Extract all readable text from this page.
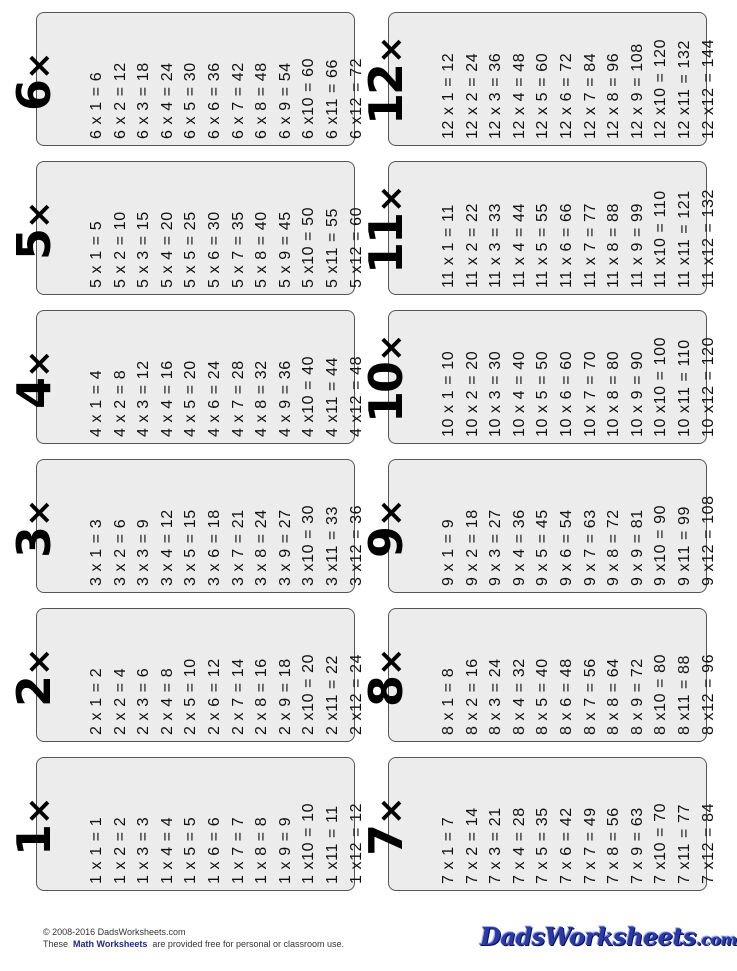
6×
6 x 1 = 6 6 x 2 = 12 6 x 3 = 18 6 x 4 = 24 6 x 5 = 30 6 x 6 = 36 6 x 7 = 42 6 x 8 = 48 6 x 9 = 54 6 x10 = 60 6 x11 = 66 6 x12 = 72
5×
5 x 1 = 5 5 x 2 = 10 5 x 3 = 15 5 x 4 = 20 5 x 5 = 25 5 x 6 = 30 5 x 7 = 35 5 x 8 = 40 5 x 9 = 45 5 x10 = 50 5 x11 = 55 5 x12 = 60
4×
4 x 1 = 4 4 x 2 = 8 4 x 3 = 12 4 x 4 = 16 4 x 5 = 20 4 x 6 = 24 4 x 7 = 28 4 x 8 = 32 4 x 9 = 36 4 x10 = 40 4 x11 = 44 4 x12 = 48
3×
3 x 1 = 3 3 x 2 = 6 3 x 3 = 9 3 x 4 = 12 3 x 5 = 15 3 x 6 = 18 3 x 7 = 21 3 x 8 = 24 3 x 9 = 27 3 x10 = 30 3 x11 = 33 3 x12 = 36
2×
2 x 1 = 2 2 x 2 = 4 2 x 3 = 6 2 x 4 = 8 2 x 5 = 10 2 x 6 = 12 2 x 7 = 14 2 x 8 = 16 2 x 9 = 18 2 x10 = 20 2 x11 = 22 2 x12 = 24
1×
1 x 1 = 1 1 x 2 = 2 1 x 3 = 3 1 x 4 = 4 1 x 5 = 5 1 x 6 = 6 1 x 7 = 7 1 x 8 = 8 1 x 9 = 9 1 x10 = 10 1 x11 = 11 1 x12 = 12
12×
12 x 1 = 12 12 x 2 = 24 12 x 3 = 36 12 x 4 = 48 12 x 5 = 60 12 x 6 = 72 12 x 7 = 84 12 x 8 = 96 12 x 9 = 108 12 x10 = 120 12 x11 = 132 12 x12 = 144
11×
11 x 1 = 11 11 x 2 = 22 11 x 3 = 33 11 x 4 = 44 11 x 5 = 55 11 x 6 = 66 11 x 7 = 77 11 x 8 = 88 11 x 9 = 99 11 x10 = 110 11 x11 = 121 11 x12 = 132
10×
10 x 1 = 10 10 x 2 = 20 10 x 3 = 30 10 x 4 = 40 10 x 5 = 50 10 x 6 = 60 10 x 7 = 70 10 x 8 = 80 10 x 9 = 90 10 x10 = 100 10 x11 = 110 10 x12 = 120
9×
9 x 1 = 9 9 x 2 = 18 9 x 3 = 27 9 x 4 = 36 9 x 5 = 45 9 x 6 = 54 9 x 7 = 63 9 x 8 = 72 9 x 9 = 81 9 x10 = 90 9 x11 = 99 9 x12 = 108
8×
8 x 1 = 8 8 x 2 = 16 8 x 3 = 24 8 x 4 = 32 8 x 5 = 40 8 x 6 = 48 8 x 7 = 56 8 x 8 = 64 8 x 9 = 72 8 x10 = 80 8 x11 = 88 8 x12 = 96
7×
7 x 1 = 7 7 x 2 = 14 7 x 3 = 21 7 x 4 = 28 7 x 5 = 35 7 x 6 = 42 7 x 7 = 49 7 x 8 = 56 7 x 9 = 63 7 x10 = 70 7 x11 = 77 7 x12 = 84
© 2008-2016 DadsWorksheets.com
These Math Worksheets are provided free for personal or classroom use.	DadsWorksheets.com
